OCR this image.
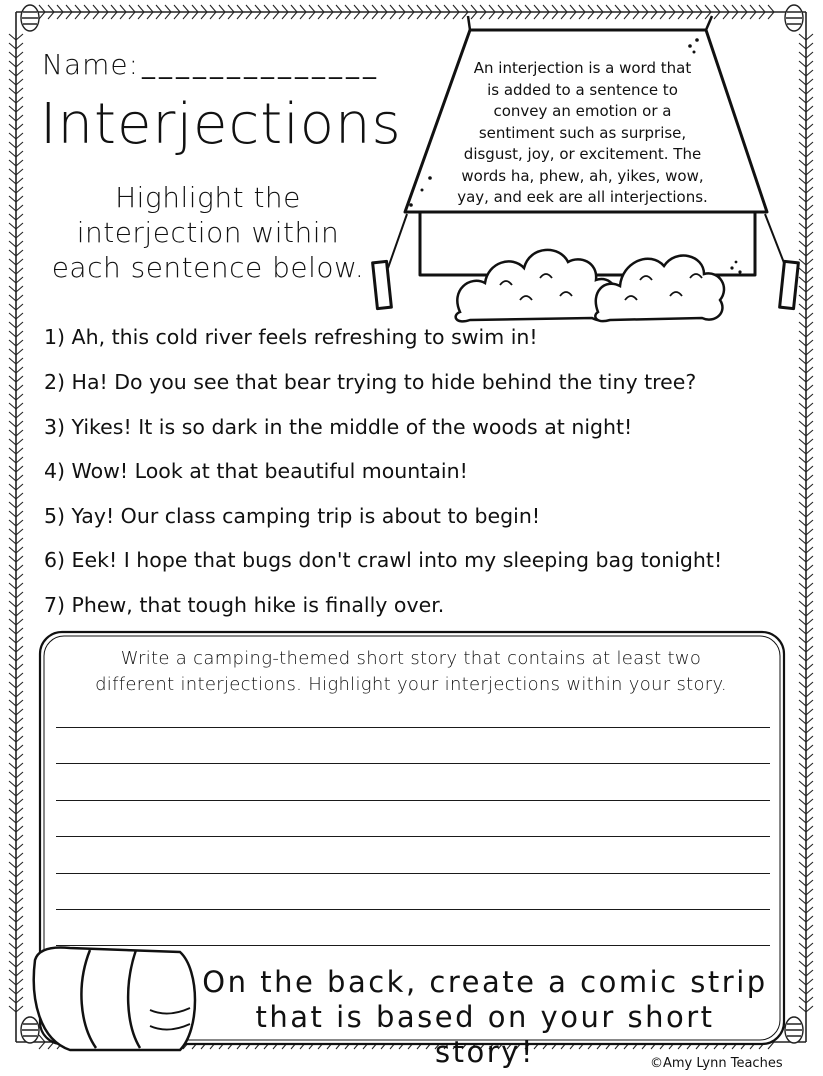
Name: ______________
Interjections
Highlight the
interjection within
each sentence below.
An interjection is a word that
is added to a sentence to
convey an emotion or a
sentiment such as surprise,
disgust, joy, or excitement. The
words ha, phew, ah, yikes, wow,
yay, and eek are all interjections.
1) Ah, this cold river feels refreshing to swim in!
2) Ha! Do you see that bear trying to hide behind the tiny tree?
3) Yikes! It is so dark in the middle of the woods at night!
4) Wow! Look at that beautiful mountain!
5) Yay! Our class camping trip is about to begin!
6) Eek! I hope that bugs don't crawl into my sleeping bag tonight!
7) Phew, that tough hike is finally over.
Write a camping-themed short story that contains at least two
different interjections. Highlight your interjections within your story.
On the back, create a comic strip
that is based on your short story!	©Amy Lynn Teaches
